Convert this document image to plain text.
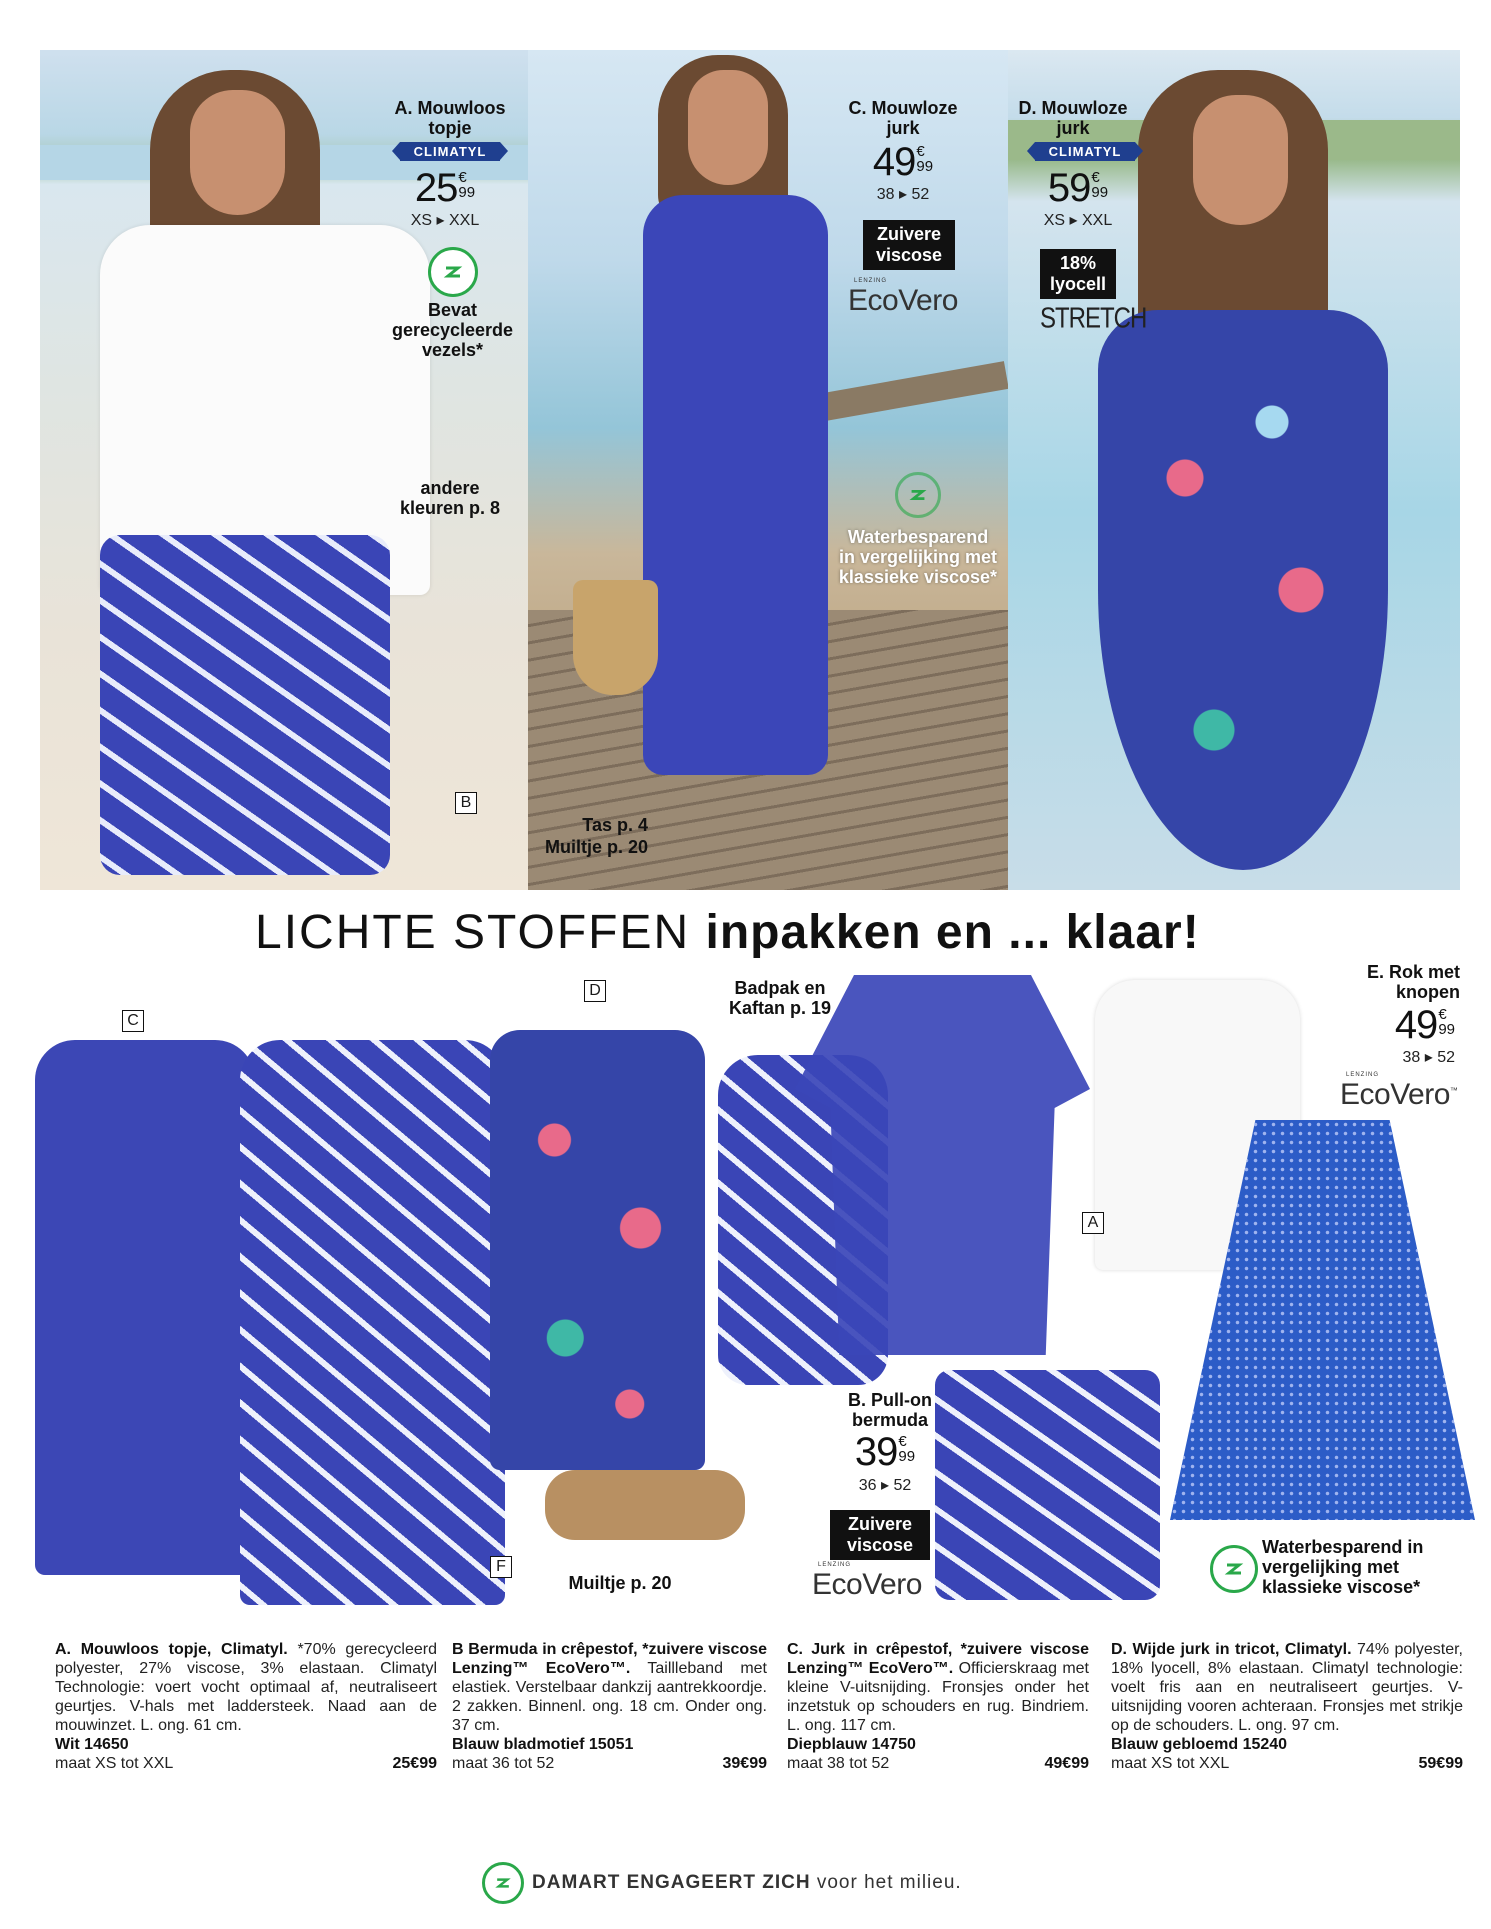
A. Mouwloos topje
CLIMATYL
25 €
99
XS ▸ XXL
Bevat gerecycleerde vezels*
andere kleuren p. 8
B
C. Mouwloze jurk
49 €
99
38 ▸ 52
Zuivere viscose
LENZING
EcoVero
Waterbesparend in vergelijking met klassieke viscose*
Tas p. 4
Muiltje p. 20
D. Mouwloze jurk
CLIMATYL
59 €
99
XS ▸ XXL
18% lyocell
STRETCH
LICHTE STOFFEN inpakken en ... klaar!
C
D	Badpak en Kaftan p. 19
F
Muiltje p. 20
B. Pull-on bermuda
39 €
99
36 ▸ 52
Zuivere viscose
LENZING
EcoVero
A
E. Rok met knopen
49 €
99
38 ▸ 52
LENZING
EcoVero™
Waterbesparend in vergelijking met klassieke viscose*
A. Mouwloos topje, Climatyl. *70% gerecycleerd polyester, 27% viscose, 3% elastaan. Climatyl Technologie: voert vocht optimaal af, neutraliseert geurtjes. V-hals met laddersteek. Naad aan de mouwinzet. L. ong. 61 cm.
Wit 14650
maat XS tot XXL	25€99
B Bermuda in crêpestof, *zuivere viscose Lenzing™ EcoVero™. Taillleband met elastiek. Verstelbaar dankzij aantrekkoordje. 2 zakken. Binnenl. ong. 18 cm. Onder ong. 37 cm.
Blauw bladmotief 15051
maat 36 tot 52	39€99
C. Jurk in crêpestof, *zuivere viscose Lenzing™ EcoVero™. Officierskraag met kleine V-uitsnijding. Fronsjes onder het inzetstuk op schouders en rug. Bindriem. L. ong. 117 cm.
Diepblauw 14750
maat 38 tot 52	49€99
D. Wijde jurk in tricot, Climatyl. 74% polyester, 18% lyocell, 8% elastaan. Climatyl technologie: voelt fris aan en neutraliseert geurtjes. V-uitsnijding vooren achteraan. Fronsjes met strikje op de schouders. L. ong. 97 cm.
Blauw gebloemd 15240
maat XS tot XXL	59€99
DAMART ENGAGEERT ZICH voor het milieu.
